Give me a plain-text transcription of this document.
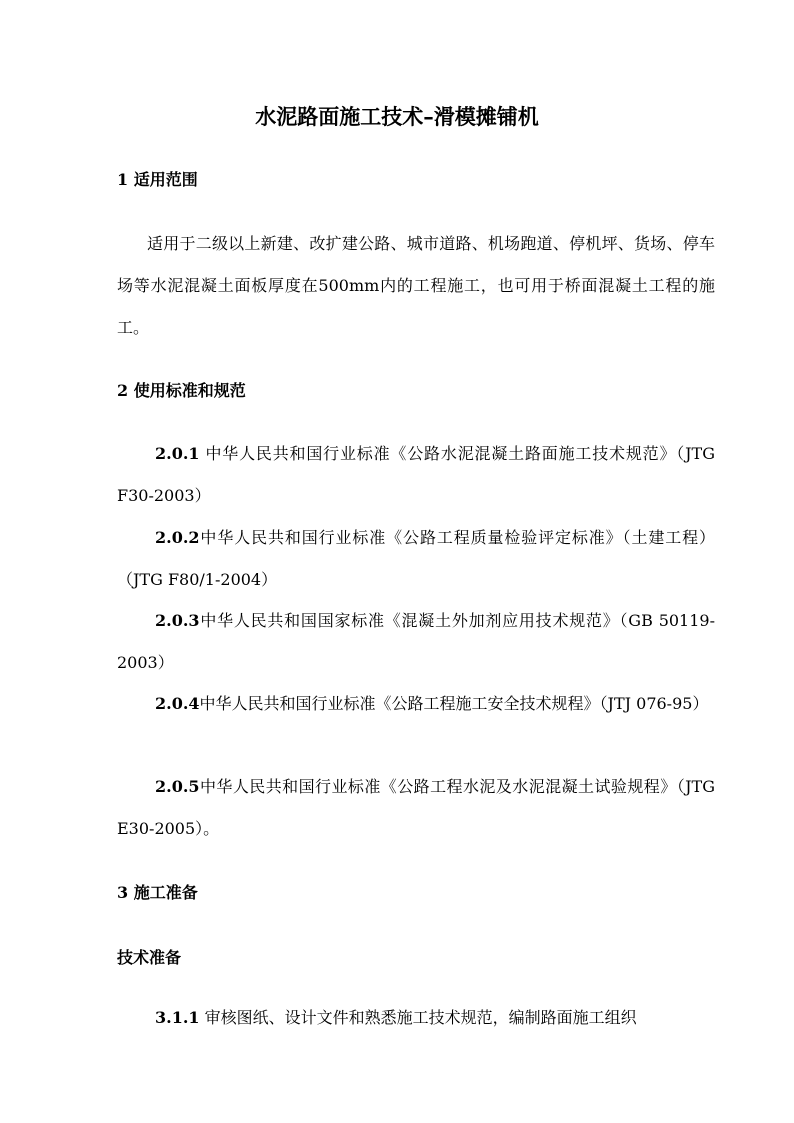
水泥路面施工技术–滑模摊铺机
1 适用范围
适用于二级以上新建、改扩建公路、城市道路、机场跑道、停机坪、货场、停车场等水泥混凝土面板厚度在500mm内的工程施工，也可用于桥面混凝土工程的施工。
2 使用标准和规范
2.0.1 中华人民共和国行业标准《公路水泥混凝土路面施工技术规范》（JTG F30-2003）
2.0.2中华人民共和国行业标准《公路工程质量检验评定标准》（土建工程）（JTG F80/1-2004）
2.0.3中华人民共和国国家标准《混凝土外加剂应用技术规范》（GB 50119-2003）
2.0.4中华人民共和国行业标准《公路工程施工安全技术规程》（JTJ 076-95）
2.0.5中华人民共和国行业标准《公路工程水泥及水泥混凝土试验规程》（JTG E30-2005）。
3 施工准备
技术准备
3.1.1 审核图纸、设计文件和熟悉施工技术规范，编制路面施工组织
